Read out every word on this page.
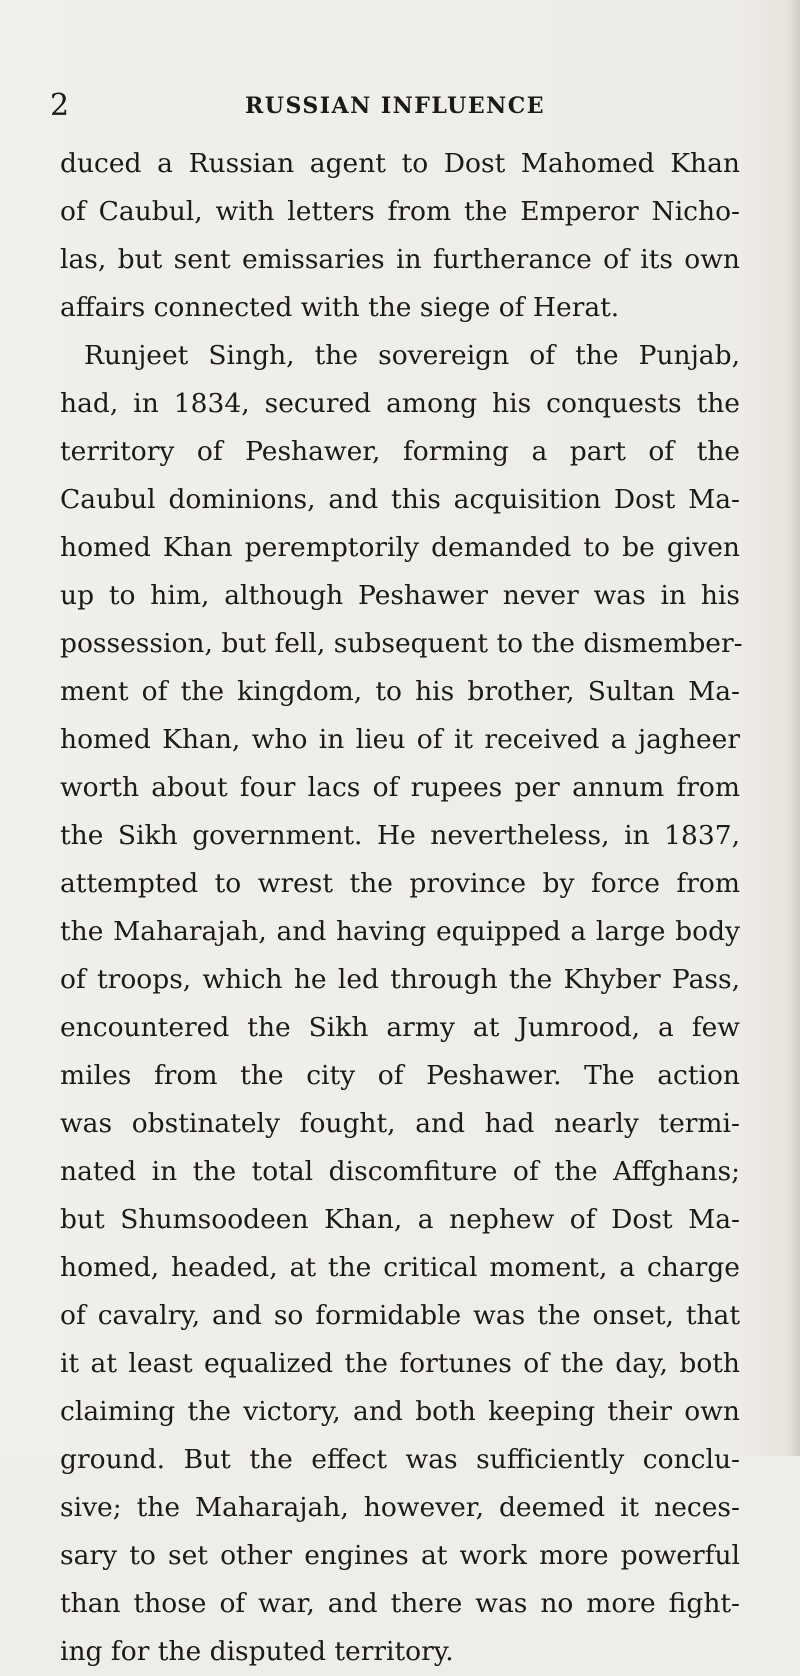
2	RUSSIAN INFLUENCE
duced a Russian agent to Dost Mahomed Khan
of Caubul, with letters from the Emperor Nicho-
las, but sent emissaries in furtherance of its own
affairs connected with the siege of Herat.
Runjeet Singh, the sovereign of the Punjab,
had, in 1834, secured among his conquests the
territory of Peshawer, forming a part of the
Caubul dominions, and this acquisition Dost Ma-
homed Khan peremptorily demanded to be given
up to him, although Peshawer never was in his
possession, but fell, subsequent to the dismember-
ment of the kingdom, to his brother, Sultan Ma-
homed Khan, who in lieu of it received a jagheer
worth about four lacs of rupees per annum from
the Sikh government. He nevertheless, in 1837,
attempted to wrest the province by force from
the Maharajah, and having equipped a large body
of troops, which he led through the Khyber Pass,
encountered the Sikh army at Jumrood, a few
miles from the city of Peshawer. The action
was obstinately fought, and had nearly termi-
nated in the total discomfiture of the Affghans;
but Shumsoodeen Khan, a nephew of Dost Ma-
homed, headed, at the critical moment, a charge
of cavalry, and so formidable was the onset, that
it at least equalized the fortunes of the day, both
claiming the victory, and both keeping their own
ground. But the effect was sufficiently conclu-
sive; the Maharajah, however, deemed it neces-
sary to set other engines at work more powerful
than those of war, and there was no more fight-
ing for the disputed territory.
